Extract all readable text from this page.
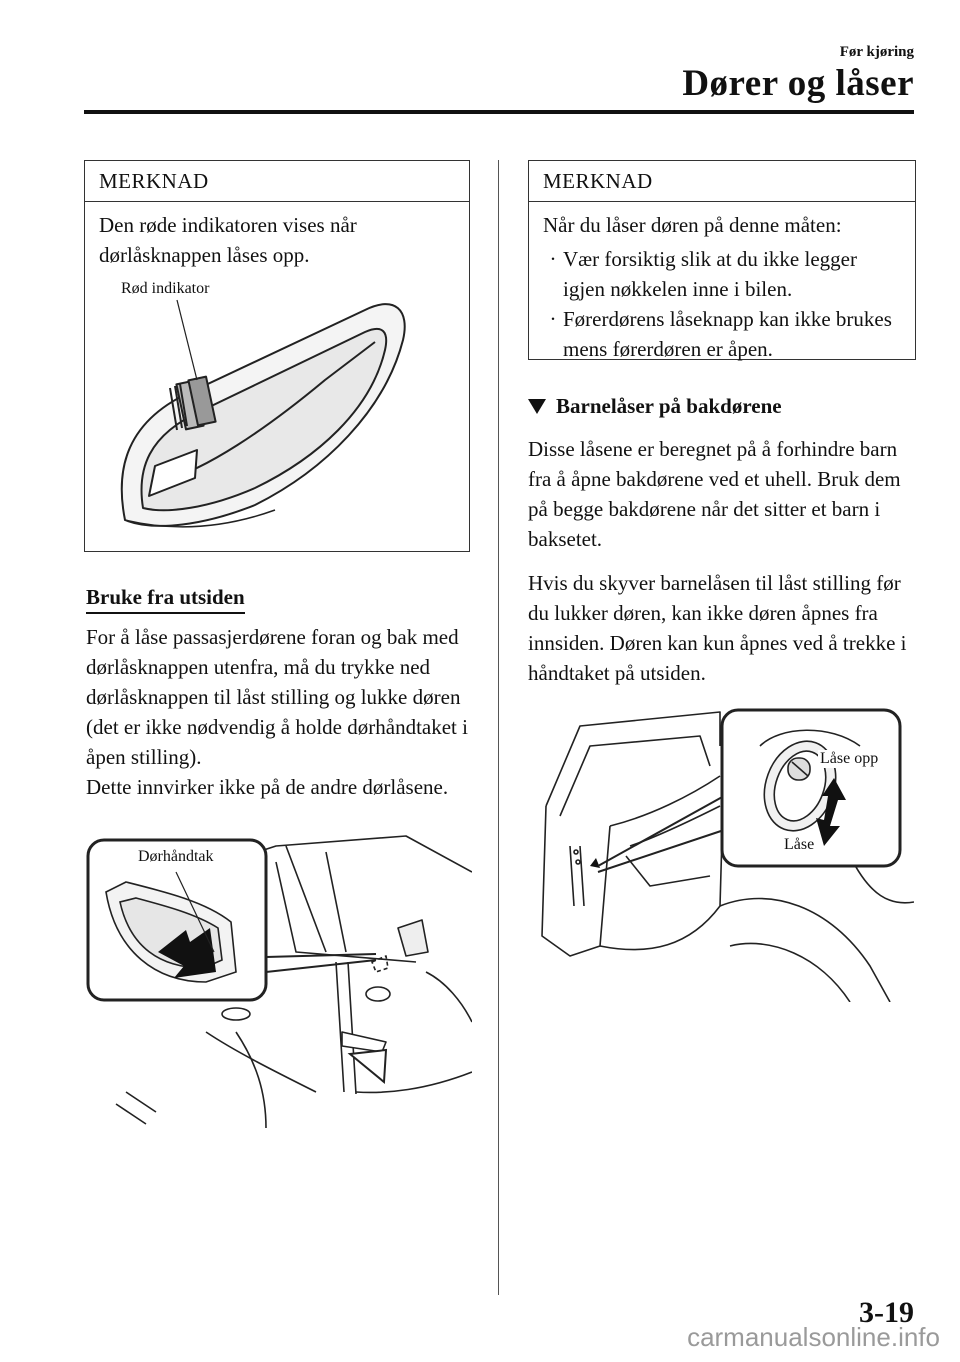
Før kjøring
Dører og låser
MERKNAD
Den røde indikatoren vises når dørlåsknappen låses opp.
Rød indikator
Bruke fra utsiden
For å låse passasjerdørene foran og bak med dørlåsknappen utenfra, må du trykke ned dørlåsknappen til låst stilling og lukke døren (det er ikke nødvendig å holde dørhåndtaket i åpen stilling).
Dette innvirker ikke på de andre dørlåsene.
Dørhåndtak
MERKNAD
Når du låser døren på denne måten:
· Vær forsiktig slik at du ikke legger igjen nøkkelen inne i bilen.
· Førerdørens låseknapp kan ikke brukes mens førerdøren er åpen.
Barnelåser på bakdørene
Disse låsene er beregnet på å forhindre barn fra å åpne bakdørene ved et uhell. Bruk dem på begge bakdørene når det sitter et barn i baksetet.
Hvis du skyver barnelåsen til låst stilling før du lukker døren, kan ikke døren åpnes fra innsiden. Døren kan kun åpnes ved å trekke i håndtaket på utsiden.
Låse opp
Låse
3-19
carmanualsonline.info
